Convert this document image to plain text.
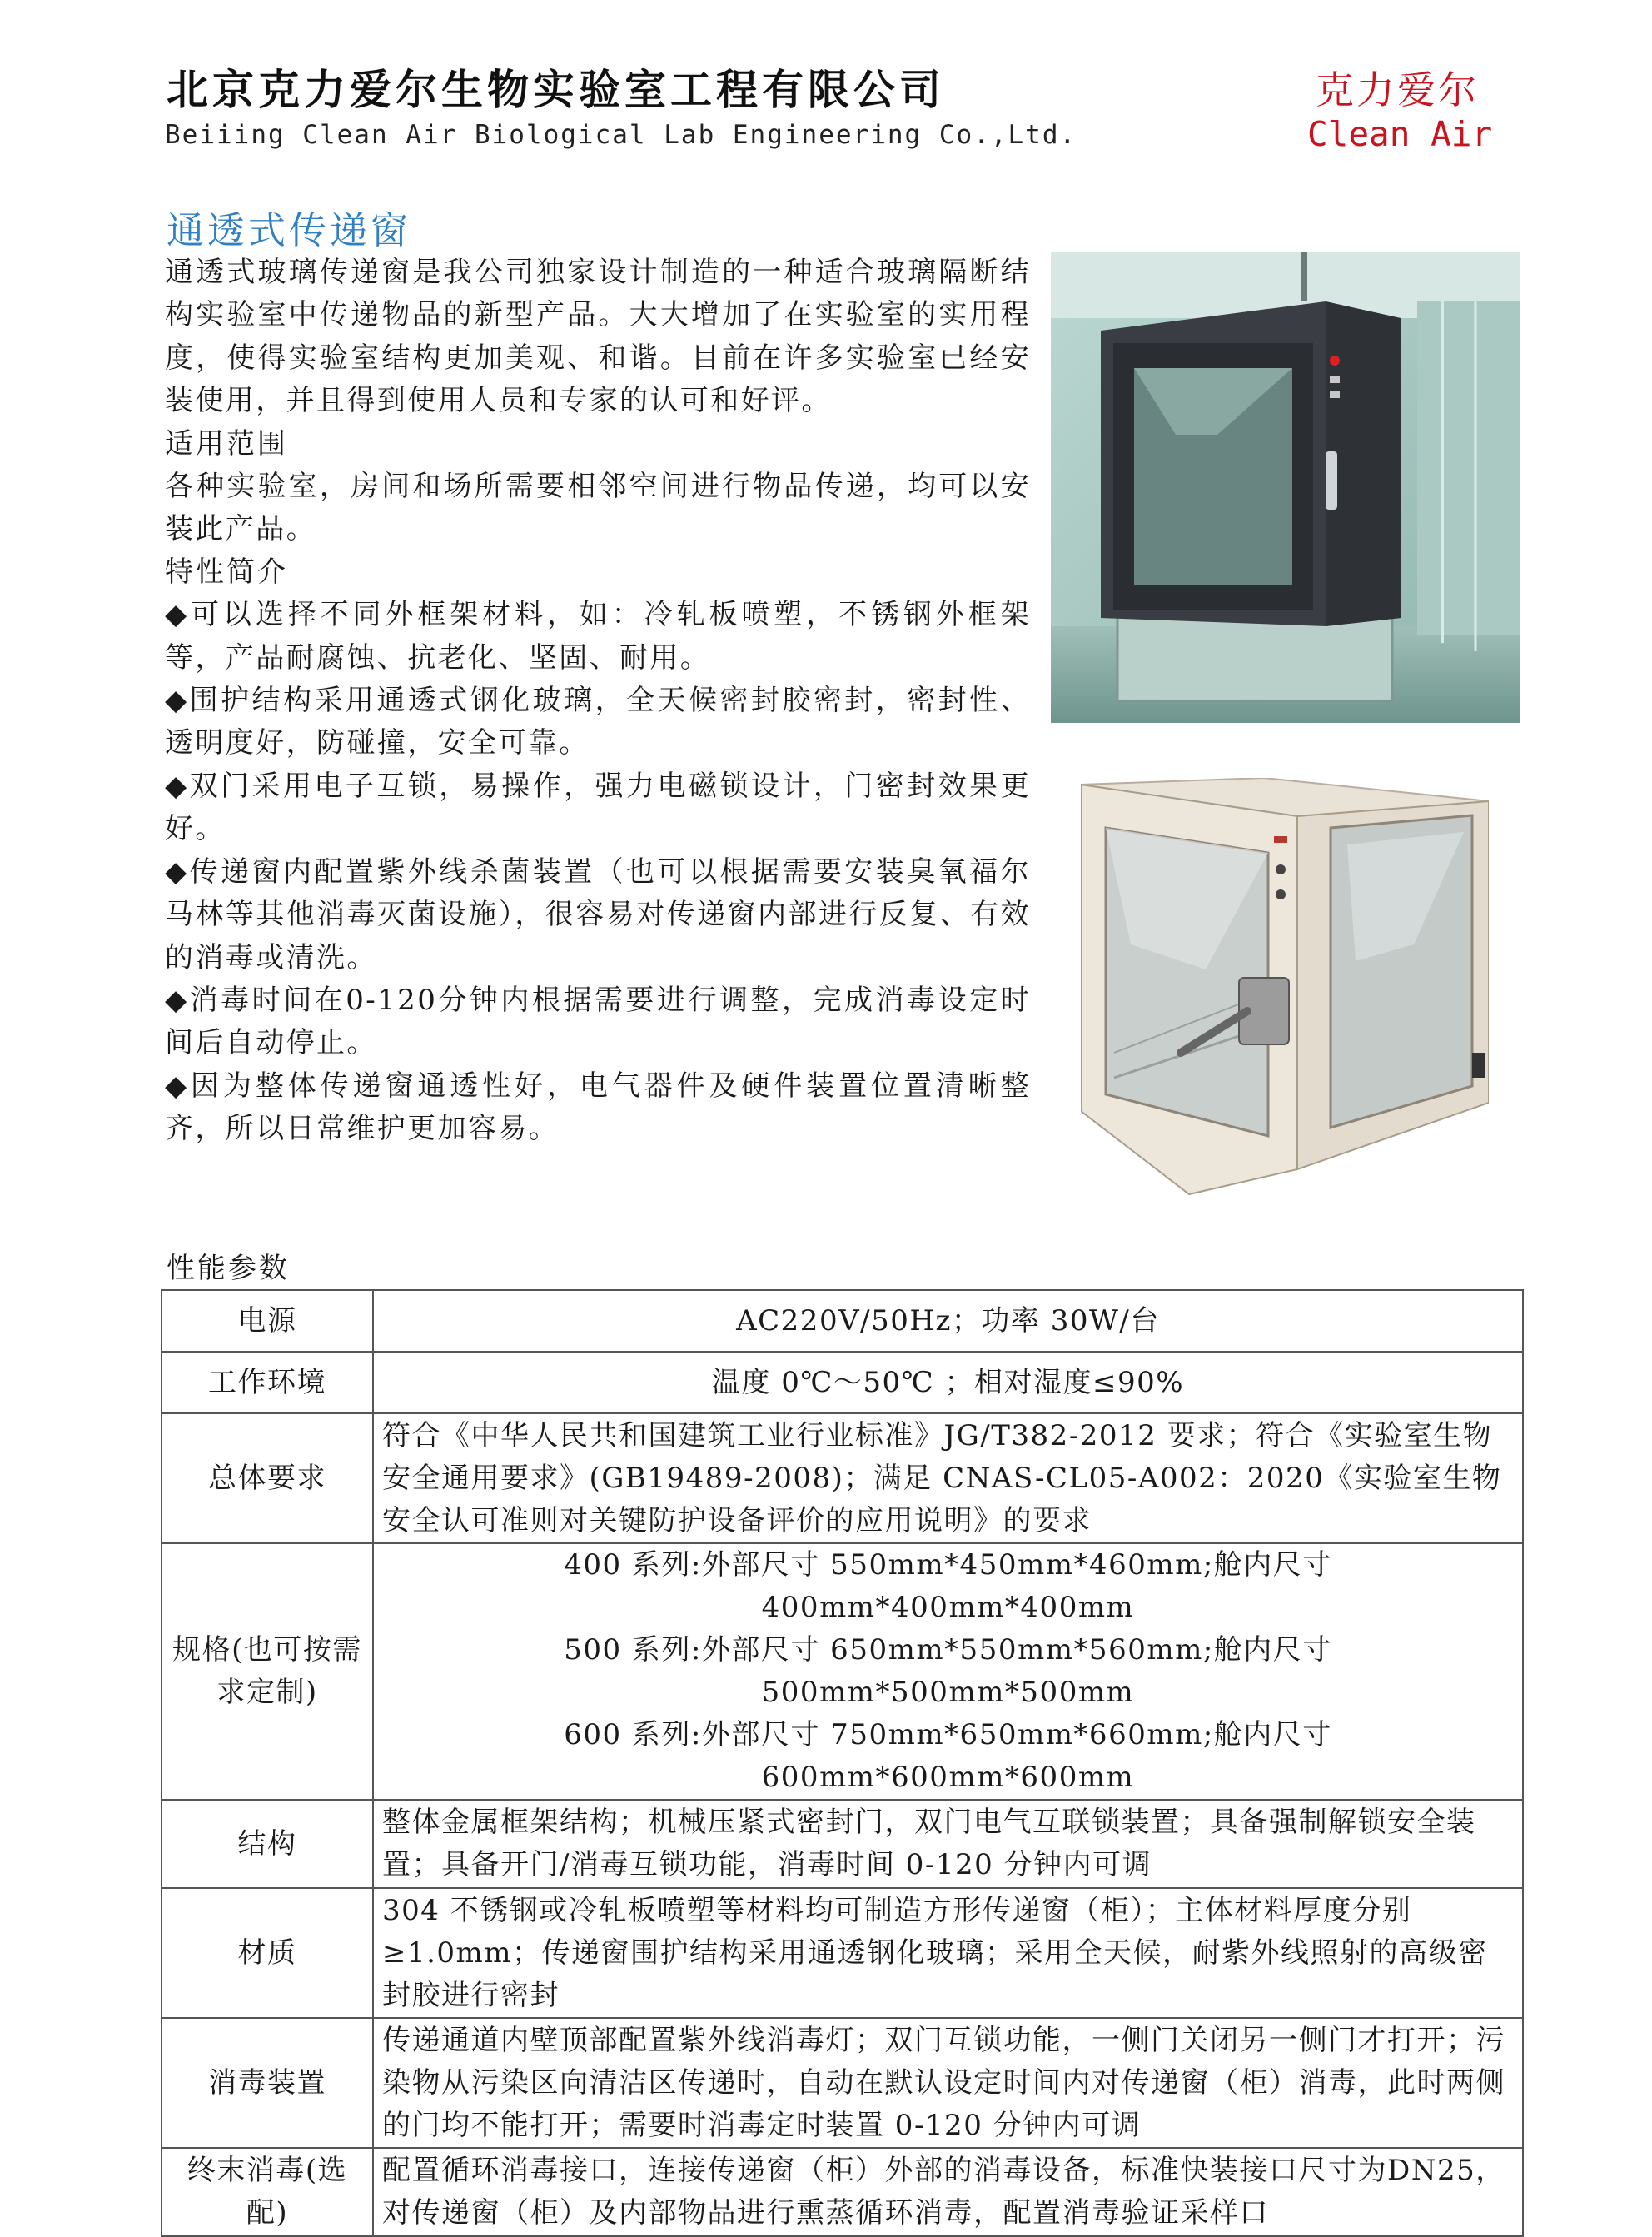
北京克力爱尔生物实验室工程有限公司
Beiiing Clean Air Biological Lab Engineering Co.,Ltd.
克力爱尔
Clean Air
通透式传递窗

通透式玻璃传递窗是我公司独家设计制造的一种适合玻璃隔断结构实验室中传递物品的新型产品。大大增加了在实验室的实用程度，使得实验室结构更加美观、和谐。目前在许多实验室已经安装使用，并且得到使用人员和专家的认可和好评。

适用范围

各种实验室，房间和场所需要相邻空间进行物品传递，均可以安装此产品。

特性简介

◆可以选择不同外框架材料，如：冷轧板喷塑，不锈钢外框架等，产品耐腐蚀、抗老化、坚固、耐用。

◆围护结构采用通透式钢化玻璃，全天候密封胶密封，密封性、透明度好，防碰撞，安全可靠。

◆双门采用电子互锁，易操作，强力电磁锁设计，门密封效果更好。

◆传递窗内配置紫外线杀菌装置（也可以根据需要安装臭氧福尔马林等其他消毒灭菌设施），很容易对传递窗内部进行反复、有效的消毒或清洗。

◆消毒时间在0-120分钟内根据需要进行调整，完成消毒设定时间后自动停止。

◆因为整体传递窗通透性好，电气器件及硬件装置位置清晰整齐，所以日常维护更加容易。

性能参数
电源	AC220V/50Hz；功率 30W/台
工作环境	温度 0℃～50℃ ；相对湿度≤90%
总体要求	符合《中华人民共和国建筑工业行业标准》JG/T382-2012 要求；符合《实验室生物安全通用要求》(GB19489-2008)；满足 CNAS-CL05-A002：2020《实验室生物安全认可准则对关键防护设备评价的应用说明》的要求
规格(也可按需求定制)	400 系列:外部尺寸 550mm*450mm*460mm;舱内尺寸 400mm*400mm*400mm
500 系列:外部尺寸 650mm*550mm*560mm;舱内尺寸 500mm*500mm*500mm
600 系列:外部尺寸 750mm*650mm*660mm;舱内尺寸 600mm*600mm*600mm

结构	整体金属框架结构；机械压紧式密封门，双门电气互联锁装置；具备强制解锁安全装置；具备开门/消毒互锁功能，消毒时间 0-120 分钟内可调
材质	304 不锈钢或冷轧板喷塑等材料均可制造方形传递窗（柜）；主体材料厚度分别≥1.0mm；传递窗围护结构采用通透钢化玻璃；采用全天候，耐紫外线照射的高级密封胶进行密封
消毒装置	传递通道内壁顶部配置紫外线消毒灯；双门互锁功能，一侧门关闭另一侧门才打开；污染物从污染区向清洁区传递时，自动在默认设定时间内对传递窗（柜）消毒，此时两侧的门均不能打开；需要时消毒定时装置 0-120 分钟内可调
终末消毒(选配)	配置循环消毒接口，连接传递窗（柜）外部的消毒设备，标准快装接口尺寸为DN25，对传递窗（柜）及内部物品进行熏蒸循环消毒，配置消毒验证采样口
